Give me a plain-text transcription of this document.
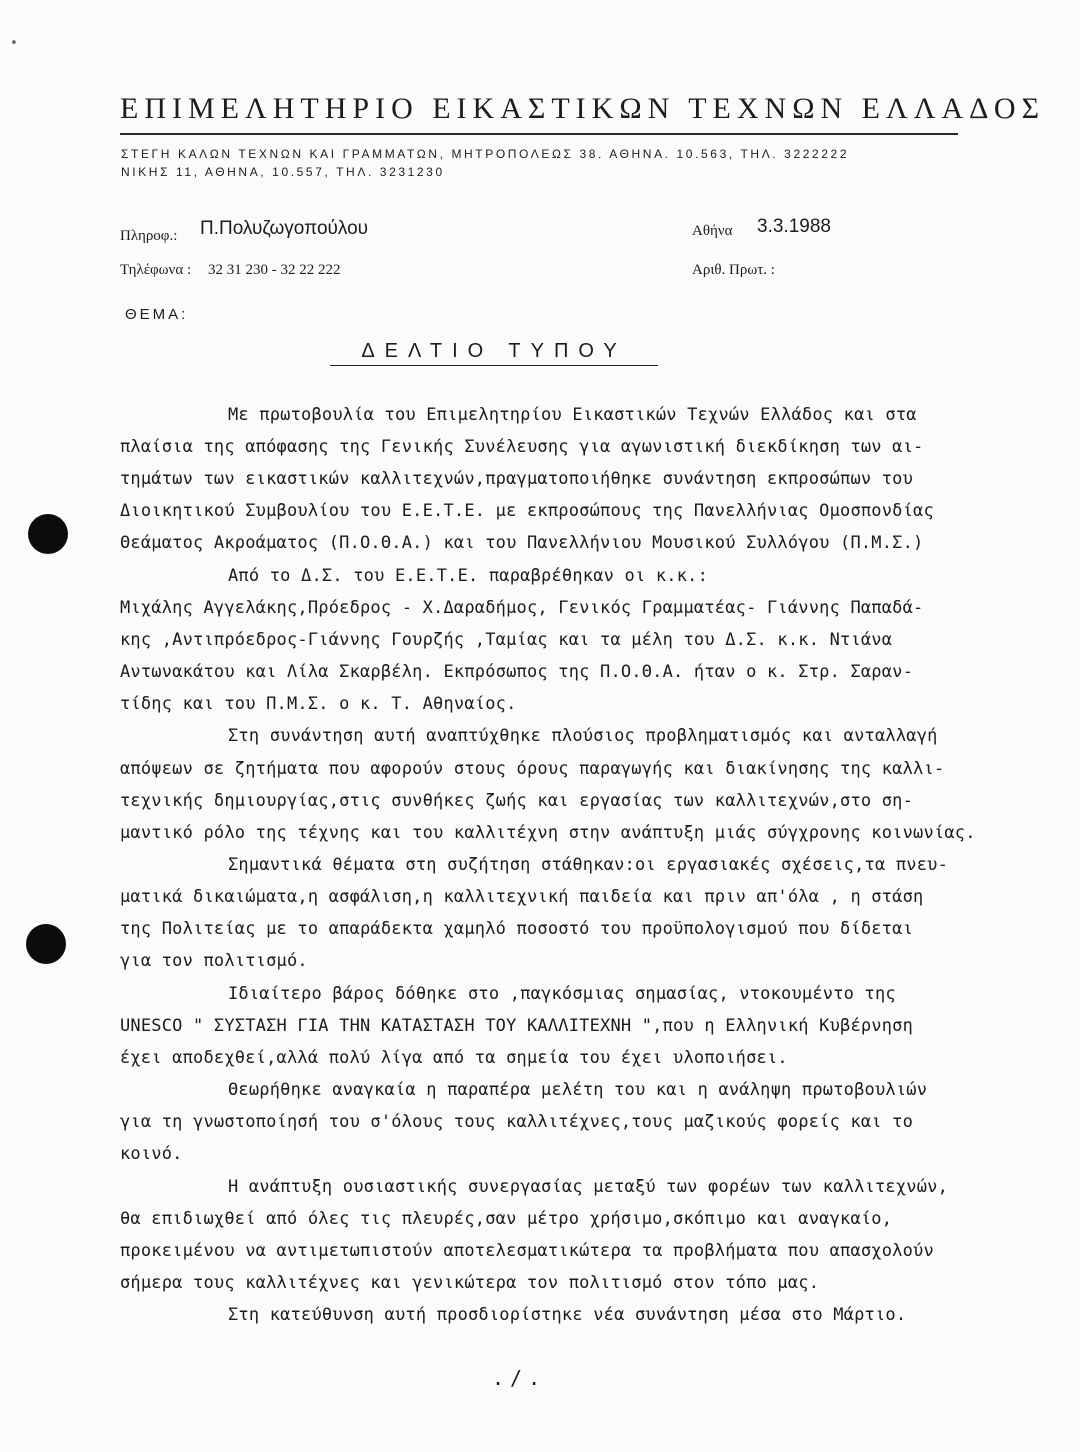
•
ΕΠΙΜΕΛΗΤΗΡΙΟ ΕΙΚΑΣΤΙΚΩΝ ΤΕΧΝΩΝ ΕΛΛΑΔΟΣ
ΣΤΕΓΗ ΚΑΛΩΝ ΤΕΧΝΩΝ ΚΑΙ ΓΡΑΜΜΑΤΩΝ, ΜΗΤΡΟΠΟΛΕΩΣ 38. ΑΘΗΝΑ. 10.563, ΤΗΛ. 3222222
ΝΙΚΗΣ 11, ΑΘΗΝΑ, 10.557, ΤΗΛ. 3231230
Πληροφ.: Π.Πολυζωγοπούλου	Αθήνα 3.3.1988
Τηλέφωνα : 32 31 230 - 32 22 222	Αριθ. Πρωτ. :
ΘΕΜΑ:
ΔΕΛΤΙΟ ΤΥΠΟΥ
Με πρωτοβουλία του Επιμελητηρίου Εικαστικών Τεχνών Ελλάδος και στα
πλαίσια της απόφασης της Γενικής Συνέλευσης για αγωνιστική διεκδίκηση των αι-
τημάτων των εικαστικών καλλιτεχνών,πραγματοποιήθηκε συνάντηση εκπροσώπων του
Διοικητικού Συμβουλίου του Ε.Ε.Τ.Ε. με εκπροσώπους της Πανελλήνιας Ομοσπονδίας
Θεάματος Ακροάματος (Π.Ο.Θ.Α.) και του Πανελλήνιου Μουσικού Συλλόγου (Π.Μ.Σ.)
Από το Δ.Σ. του Ε.Ε.Τ.Ε. παραβρέθηκαν οι κ.κ.:
Μιχάλης Αγγελάκης,Πρόεδρος - Χ.Δαραδήμος, Γενικός Γραμματέας- Γιάννης Παπαδά-
κης ,Αντιπρόεδρος-Γιάννης Γουρζής ,Ταμίας και τα μέλη του Δ.Σ. κ.κ. Ντιάνα
Αντωνακάτου και Λίλα Σκαρβέλη. Εκπρόσωπος της Π.Ο.Θ.Α. ήταν ο κ. Στρ. Σαραν-
τίδης και του Π.Μ.Σ. ο κ. Τ. Αθηναίος.
Στη συνάντηση αυτή αναπτύχθηκε πλούσιος προβληματισμός και ανταλλαγή
απόψεων σε ζητήματα που αφορούν στους όρους παραγωγής και διακίνησης της καλλι-
τεχνικής δημιουργίας,στις συνθήκες ζωής και εργασίας των καλλιτεχνών,στο ση-
μαντικό ρόλο της τέχνης και του καλλιτέχνη στην ανάπτυξη μιάς σύγχρονης κοινωνίας.
Σημαντικά θέματα στη συζήτηση στάθηκαν:οι εργασιακές σχέσεις,τα πνευ-
ματικά δικαιώματα,η ασφάλιση,η καλλιτεχνική παιδεία και πριν απ'όλα , η στάση
της Πολιτείας με το απαράδεκτα χαμηλό ποσοστό του προϋπολογισμού που δίδεται
για τον πολιτισμό.
Ιδιαίτερο βάρος δόθηκε στο ,παγκόσμιας σημασίας, ντοκουμέντο της
UNESCO " ΣΥΣΤΑΣΗ ΓΙΑ ΤΗΝ ΚΑΤΑΣΤΑΣΗ ΤΟΥ ΚΑΛΛΙΤΕΧΝΗ ",που η Ελληνική Κυβέρνηση
έχει αποδεχθεί,αλλά πολύ λίγα από τα σημεία του έχει υλοποιήσει.
Θεωρήθηκε αναγκαία η παραπέρα μελέτη του και η ανάληψη πρωτοβουλιών
για τη γνωστοποίησή του σ'όλους τους καλλιτέχνες,τους μαζικούς φορείς και το
κοινό.
Η ανάπτυξη ουσιαστικής συνεργασίας μεταξύ των φορέων των καλλιτεχνών,
θα επιδιωχθεί από όλες τις πλευρές,σαν μέτρο χρήσιμο,σκόπιμο και αναγκαίο,
προκειμένου να αντιμετωπιστούν αποτελεσματικώτερα τα προβλήματα που απασχολούν
σήμερα τους καλλιτέχνες και γενικώτερα τον πολιτισμό στον τόπο μας.
Στη κατεύθυνση αυτή προσδιορίστηκε νέα συνάντηση μέσα στο Μάρτιο.
./.
